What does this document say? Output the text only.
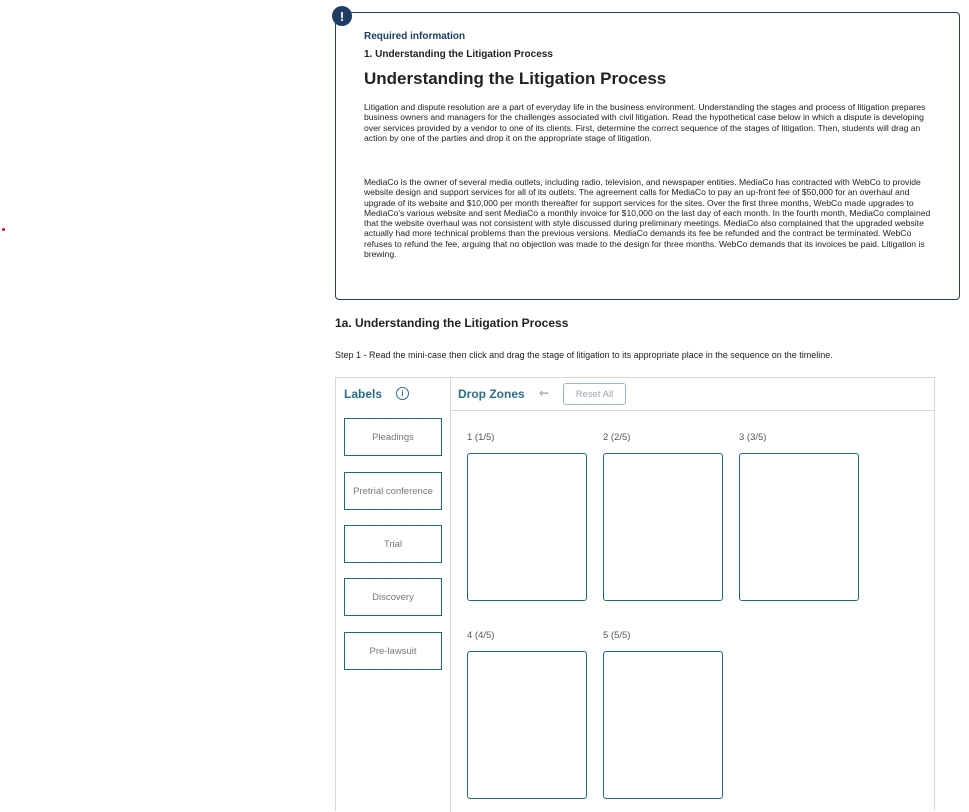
!
Required information
1. Understanding the Litigation Process
Understanding the Litigation Process

Litigation and dispute resolution are a part of everyday life in the business environment. Understanding the stages and process of litigation prepares business owners and managers for the challenges associated with civil litigation. Read the hypothetical case below in which a dispute is developing over services provided by a vendor to one of its clients. First, determine the correct sequence of the stages of litigation. Then, students will drag an action by one of the parties and drop it on the appropriate stage of litigation.

MediaCo is the owner of several media outlets, including radio, television, and newspaper entities. MediaCo has contracted with WebCo to provide website design and support services for all of its outlets. The agreement calls for MediaCo to pay an up-front fee of $50,000 for an overhaul and upgrade of its website and $10,000 per month thereafter for support services for the sites. Over the first three months, WebCo made upgrades to MediaCo's various website and sent MediaCo a monthly invoice for $10,000 on the last day of each month. In the fourth month, MediaCo complained that the website overhaul was not consistent with style discussed during preliminary meetings. MediaCo also complained that the upgraded website actually had more technical problems than the previous versions. MediaCo demands its fee be refunded and the contract be terminated. WebCo refuses to refund the fee, arguing that no objection was made to the design for three months. WebCo demands that its invoices be paid. Litigation is brewing.

1a. Understanding the Litigation Process
Step 1 - Read the mini-case then click and drag the stage of litigation to its appropriate place in the sequence on the timeline.
Labels	i
Pleadings
Pretrial conference
Trial
Discovery
Pre-lawsuit
Drop Zones ⇜	Reset All
1 (1/5)	2 (2/5)	3 (3/5)
4 (4/5)	5 (5/5)
